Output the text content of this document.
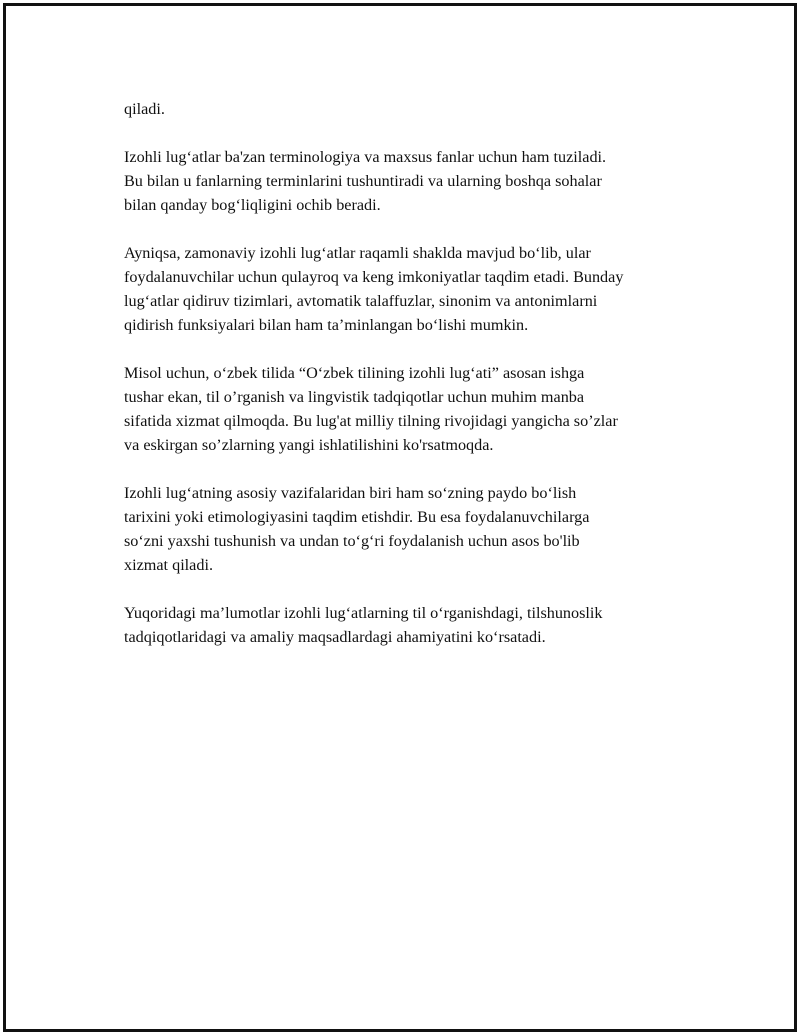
qiladi.

Izohli lug‘atlar ba'zan terminologiya va maxsus fanlar uchun ham tuziladi.
Bu bilan u fanlarning terminlarini tushuntiradi va ularning boshqa sohalar
bilan qanday bog‘liqligini ochib beradi.

Ayniqsa, zamonaviy izohli lug‘atlar raqamli shaklda mavjud bo‘lib, ular
foydalanuvchilar uchun qulayroq va keng imkoniyatlar taqdim etadi. Bunday
lug‘atlar qidiruv tizimlari, avtomatik talaffuzlar, sinonim va antonimlarni
qidirish funksiyalari bilan ham ta’minlangan bo‘lishi mumkin.

Misol uchun, o‘zbek tilida “O‘zbek tilining izohli lug‘ati” asosan ishga
tushar ekan, til o’rganish va lingvistik tadqiqotlar uchun muhim manba
sifatida xizmat qilmoqda. Bu lug'at milliy tilning rivojidagi yangicha so’zlar
va eskirgan so’zlarning yangi ishlatilishini ko'rsatmoqda.

Izohli lug‘atning asosiy vazifalaridan biri ham so‘zning paydo bo‘lish
tarixini yoki etimologiyasini taqdim etishdir. Bu esa foydalanuvchilarga
so‘zni yaxshi tushunish va undan to‘g‘ri foydalanish uchun asos bo'lib
xizmat qiladi.

Yuqoridagi ma’lumotlar izohli lug‘atlarning til o‘rganishdagi, tilshunoslik
tadqiqotlaridagi va amaliy maqsadlardagi ahamiyatini ko‘rsatadi.
